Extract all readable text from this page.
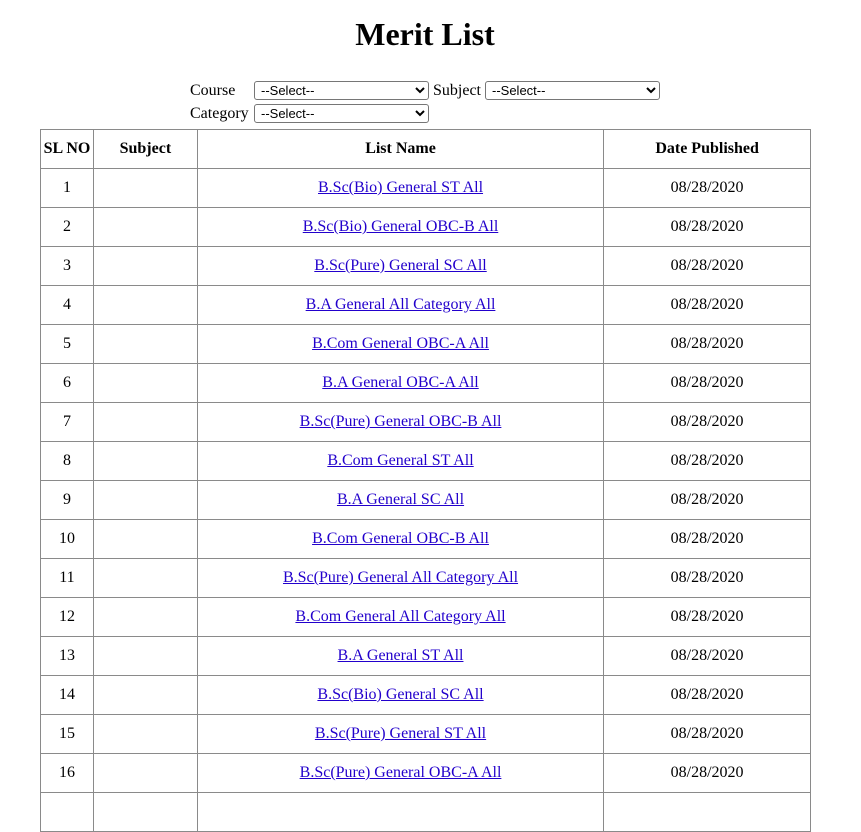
Merit List
Course
--Select--	Subject
--Select--
Category
--Select--
SL NO	Subject	List Name	Date Published
1		B.Sc(Bio) General ST All	08/28/2020
2		B.Sc(Bio) General OBC-B All	08/28/2020
3		B.Sc(Pure) General SC All	08/28/2020
4		B.A General All Category All	08/28/2020
5		B.Com General OBC-A All	08/28/2020
6		B.A General OBC-A All	08/28/2020
7		B.Sc(Pure) General OBC-B All	08/28/2020
8		B.Com General ST All	08/28/2020
9		B.A General SC All	08/28/2020
10		B.Com General OBC-B All	08/28/2020
11		B.Sc(Pure) General All Category All	08/28/2020
12		B.Com General All Category All	08/28/2020
13		B.A General ST All	08/28/2020
14		B.Sc(Bio) General SC All	08/28/2020
15		B.Sc(Pure) General ST All	08/28/2020
16		B.Sc(Pure) General OBC-A All	08/28/2020
